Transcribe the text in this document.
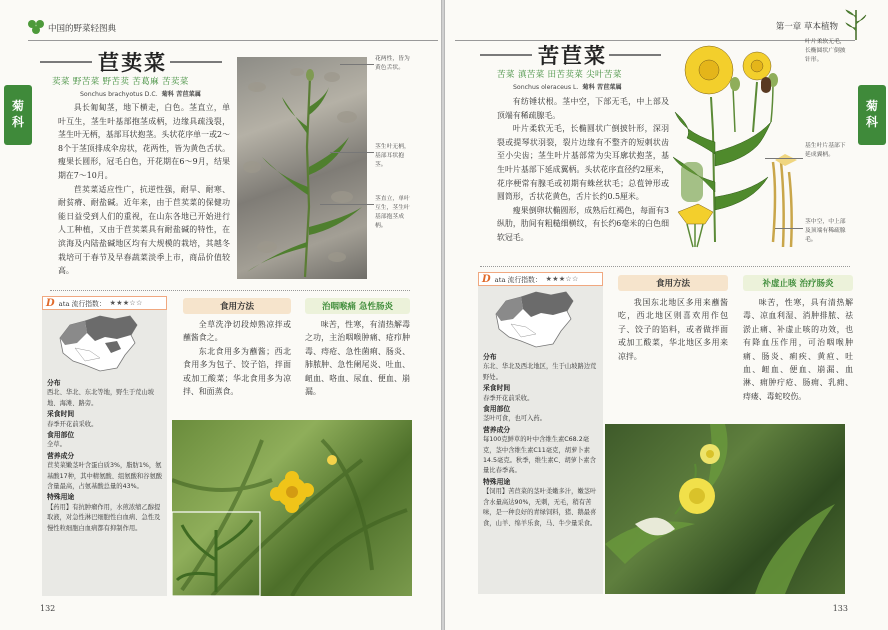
中国的野菜轻图典
菊
科
苣荬菜
荬菜 野苦菜 野苦荬 苦葛麻 苦荬菜
Sonchus brachyotus D.C. 菊科 苦苣菜属

具长匍匐茎，地下横走，白色。茎直立，单叶互生，茎生叶基部抱茎成柄，边缘具疏浅裂，茎生叶无柄，基部耳状抱茎。头状花序单一或2～8个于茎顶排成伞房状，花两性，皆为黄色舌状。瘦果长圆形，冠毛白色，开花期在6～9月，结果期在7～10月。

苣荬菜适应性广，抗逆性强，耐旱、耐寒、耐贫瘠、耐盐碱。近年来，由于苣荬菜的保健功能日益受到人们的重视，在山东各地已开始进行人工种植，又由于苣荬菜具有耐盐碱的特性，在滨海及内陆盐碱地区均有大规模的栽培，其越冬栽培可于春节及早春蔬菜淡季上市，商品价值较高。

花两性，皆为黄色舌状。
茎生叶无柄，基部耳状抱茎。
茎直立，单叶互生，茎生叶基部抱茎成柄。
D ata 流行指数： ★★★☆☆
分布
西北、华北、东北等地，野生于荒山坡地、海滩、路旁。
采食时间
春季开花前采收。
食用部位
全草。
营养成分
苣荬菜嫩茎叶含蛋白质3%，脂肪1%，氨基酸17种，其中精氨酸、组氨酸和谷氨酸含量最高，占氨基酸总量的43%。
特殊用途
【药用】有抗肿瘤作用，水煎浓缩乙醇提取液，对急性淋巴细胞性白血病、急性及慢性粒细胞白血病都有抑制作用。
食用方法

全草洗净切段焯熟凉拌或蘸酱食之。

东北食用多为蘸酱；西北食用多为包子、饺子馅，拌面或加工酸菜；华北食用多为凉拌、和面蒸食。

治咽喉痛 急性肠炎

味苦，性寒，有清热解毒之功，主治咽喉肿痛、疮疖肿毒、痔疮、急性菌痢、肠炎、肺脓肿、急性阑尾炎、吐血、衄血、咯血、尿血、便血、崩漏。

132
第一章 草本植物
菊
科
苦苣菜
苦菜 滇苦菜 田苦荬菜 尖叶苦菜
Sonchus oleraceus L. 菊科 苦苣菜属

有纺锤状根。茎中空，下部无毛，中上部及顶端有稀疏腺毛。

叶片柔软无毛，长椭圆状广倒披针形，深羽裂或提琴状羽裂，裂片边缘有不整齐的短刺状齿至小尖齿；茎生叶片基部常为尖耳廓状抱茎，基生叶片基部下延成翼柄。头状花序直径约2厘米，花序梗常有腺毛或初期有蛛丝状毛；总苞钟形或圆筒形，舌状花黄色，舌片长约0.5厘米。

瘦果倒卵状椭圆形，成熟后红褐色，每面有3纵肋，肋间有粗糙细横纹，有长约6毫米的白色细软冠毛。

叶片柔软无毛，长椭圆状广倒披针形。
基生叶片基部下延成翼柄。
茎中空，中上部及顶端有稀疏腺毛。
D ata 流行指数： ★★★☆☆
分布
东北、华北及西北地区，生于山坡路边荒野处。
采食时间
春季开花前采收。
食用部位
茎叶可食，也可入药。
营养成分
每100克鲜草的叶中含维生素C68.2毫克，茎中含维生素C11毫克，胡萝卜素14.5毫克。秋季，维生素C、胡萝卜素含量比春季高。
特殊用途
【饲用】苦苣菜的茎叶柔嫩多汁，嫩茎叶含水量高达90%，无刺，无毛，稍有苦味，是一种良好的青绿饲料，猪、鹅最喜食，山羊、绵羊乐食，马、牛少量采食。
食用方法

我国东北地区多用来蘸酱吃，西北地区则喜欢用作包子、饺子的馅料，或者做拌面或加工酸菜，华北地区多用来凉拌。

补虚止咳 治疗肠炎

味苦，性寒，具有清热解毒、凉血利湿、消肿排脓、祛淤止痛、补虚止咳的功效，也有降血压作用，可治咽喉肿痛、肠炎、痢疾、黄疸、吐血、衄血、便血、崩漏、血淋、痈肿疔疮、肠痈、乳痈、痔瘘、毒蛇咬伤。

133
